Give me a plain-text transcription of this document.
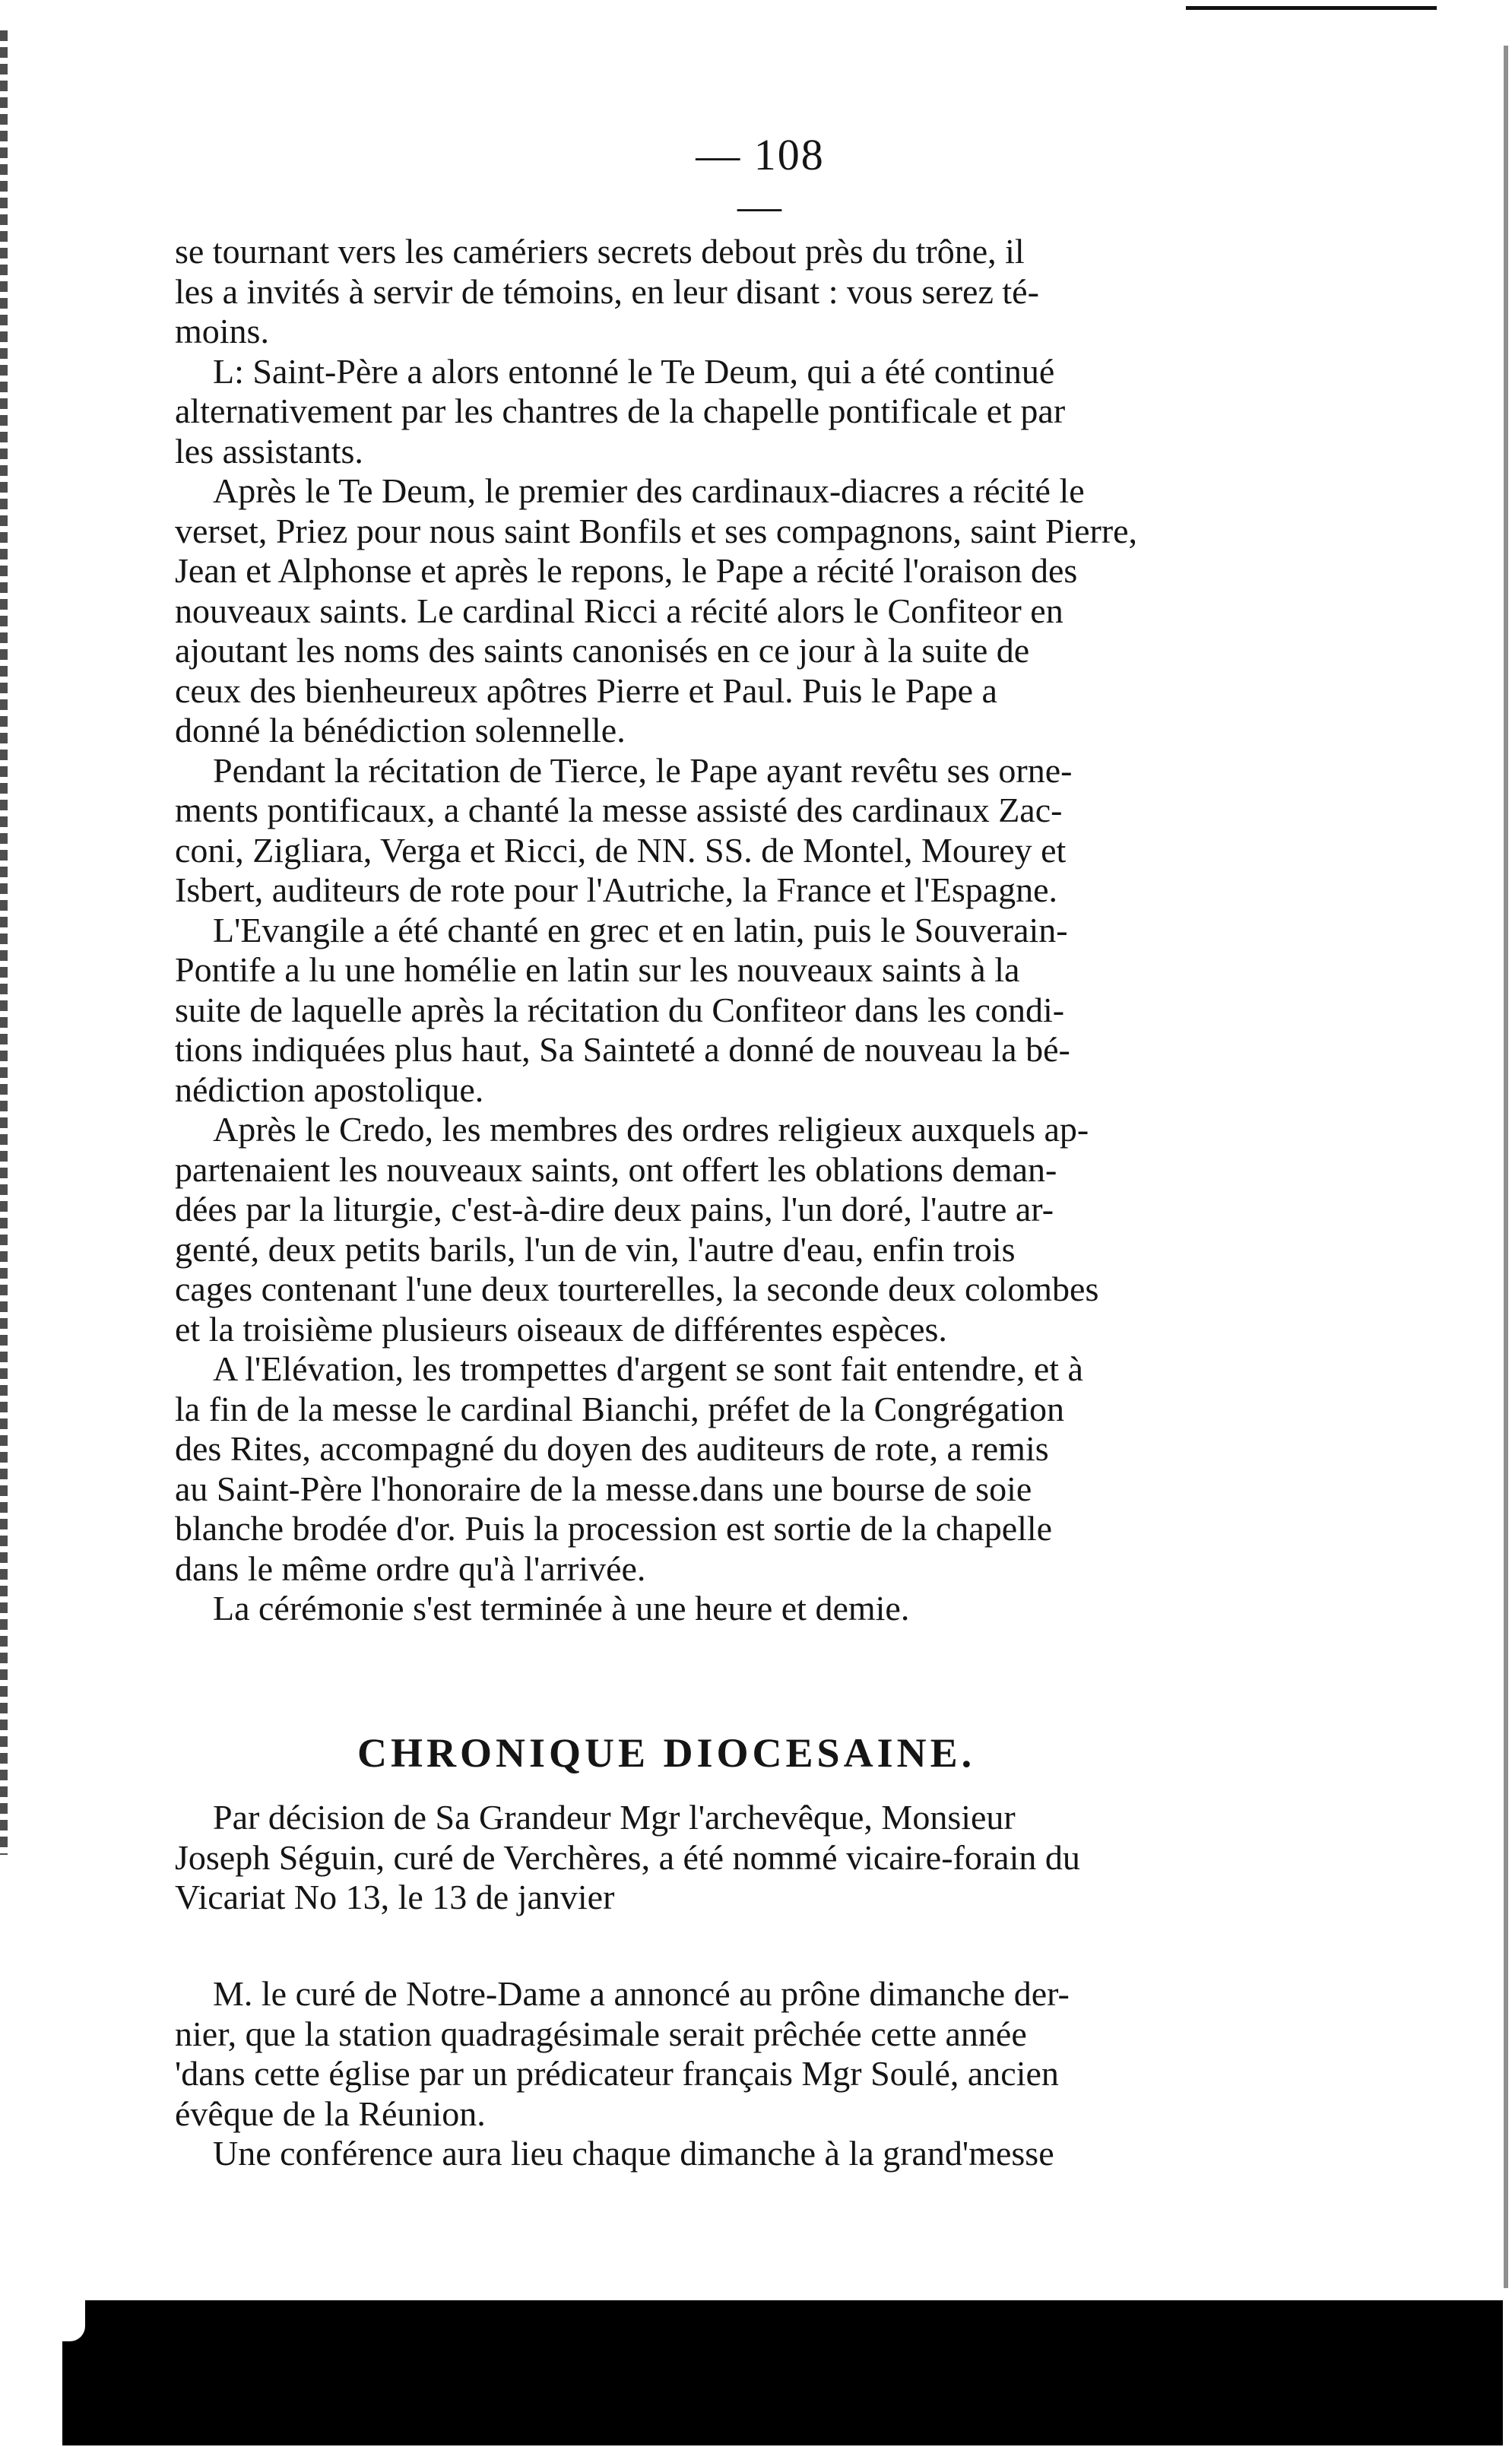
— 108 —
se tournant vers les camériers secrets debout près du trône, il
les a invités à servir de témoins, en leur disant : vous serez té-
moins.
L: Saint-Père a alors entonné le Te Deum, qui a été continué
alternativement par les chantres de la chapelle pontificale et par
les assistants.
Après le Te Deum, le premier des cardinaux-diacres a récité le
verset, Priez pour nous saint Bonfils et ses compagnons, saint Pierre,
Jean et Alphonse et après le repons, le Pape a récité l'oraison des
nouveaux saints. Le cardinal Ricci a récité alors le Confiteor en
ajoutant les noms des saints canonisés en ce jour à la suite de
ceux des bienheureux apôtres Pierre et Paul. Puis le Pape a
donné la bénédiction solennelle.
Pendant la récitation de Tierce, le Pape ayant revêtu ses orne-
ments pontificaux, a chanté la messe assisté des cardinaux Zac-
coni, Zigliara, Verga et Ricci, de NN. SS. de Montel, Mourey et
Isbert, auditeurs de rote pour l'Autriche, la France et l'Espagne.
L'Evangile a été chanté en grec et en latin, puis le Souverain-
Pontife a lu une homélie en latin sur les nouveaux saints à la
suite de laquelle après la récitation du Confiteor dans les condi-
tions indiquées plus haut, Sa Sainteté a donné de nouveau la bé-
nédiction apostolique.
Après le Credo, les membres des ordres religieux auxquels ap-
partenaient les nouveaux saints, ont offert les oblations deman-
dées par la liturgie, c'est-à-dire deux pains, l'un doré, l'autre ar-
genté, deux petits barils, l'un de vin, l'autre d'eau, enfin trois
cages contenant l'une deux tourterelles, la seconde deux colombes
et la troisième plusieurs oiseaux de différentes espèces.
A l'Elévation, les trompettes d'argent se sont fait entendre, et à
la fin de la messe le cardinal Bianchi, préfet de la Congrégation
des Rites, accompagné du doyen des auditeurs de rote, a remis
au Saint-Père l'honoraire de la messe.dans une bourse de soie
blanche brodée d'or. Puis la procession est sortie de la chapelle
dans le même ordre qu'à l'arrivée.
La cérémonie s'est terminée à une heure et demie.
CHRONIQUE DIOCESAINE.
Par décision de Sa Grandeur Mgr l'archevêque, Monsieur
Joseph Séguin, curé de Verchères, a été nommé vicaire-forain du
Vicariat No 13, le 13 de janvier
M. le curé de Notre-Dame a annoncé au prône dimanche der-
nier, que la station quadragésimale serait prêchée cette année
'dans cette église par un prédicateur français Mgr Soulé, ancien
évêque de la Réunion.
Une conférence aura lieu chaque dimanche à la grand'messe
